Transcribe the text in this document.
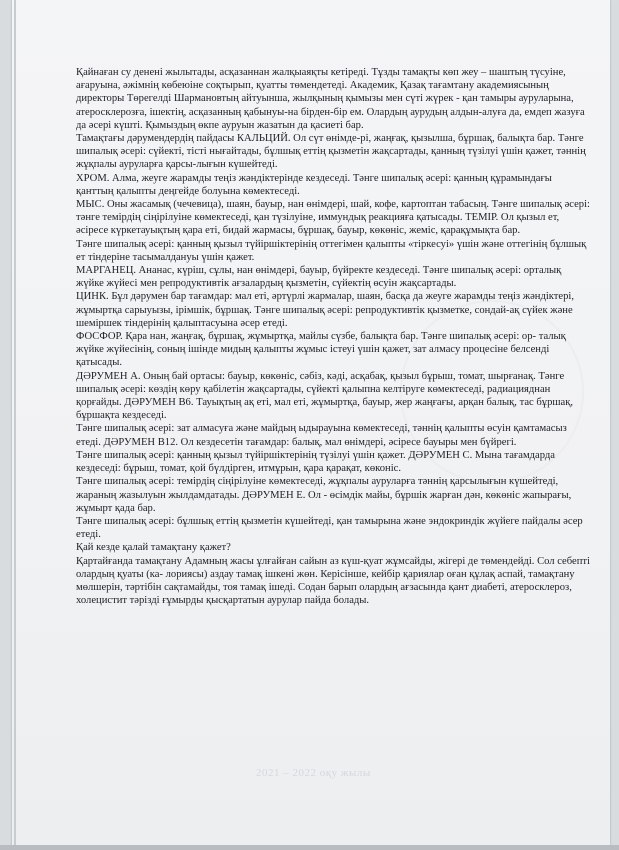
Қайнаған су денені жылытады, асқазаннан жалқыаяқты кетіреді. Тұзды тамақты көп жеу – шаштың түсуіне, ағаруына, әжімнің көбеюіне соқтырып, қуатты төмендетеді. Академик, Қазақ тағамтану академиясының директоры Төрегелді Шармановтың айтуынша, жылқының қымызы мен сүті жүрек - қан тамыры ауруларына, атеросклерозға, ішектің, асқазанның қабынуы-на бірден-бір ем. Олардың аурудың алдын-алуға да, емдеп жазуға да әсері күшті. Қымыздың өкпе ауруын жазатын да қасиеті бар.

Тамақтағы дәрумендердің пайдасы КАЛЬЦИЙ. Ол сүт өнімде-рі, жаңғақ, қызылша, бұршақ, балықта бар. Тәнге шипалық әсері: сүйекті, тісті нығайтады, бұлшық еттің қызметін жақсартады, қанның түзілуі үшін қажет, тәннің жұқпалы ауруларға қарсы-лығын күшейтеді.

ХРОМ. Алма, жеуге жарамды теңіз жәндіктерінде кездеседі. Тәнге шипалық әсері: қанның құрамындағы қанттың қалыпты деңгейде болуына көмектеседі.

МЫС. Оны жасамық (чечевица), шаян, бауыр, нан өнімдері, шай, кофе, картоптан табасың. Тәнге шипалық әсері: тәнге темірдің сіңірілуіне көмектеседі, қан түзілуіне, иммундық реакцияға қатысады. ТЕМІР. Ол қызыл ет, әсіресе күркетауықтың қара еті, бидай жармасы, бұршақ, бауыр, көкөніс, жеміс, қарақұмықта бар.

Тәнге шипалық әсері: қанның қызыл түйіршіктерінің оттегімен қалыпты «тіркесуі» үшін және оттегінің бұлшық ет тіндеріне тасымалдануы үшін қажет.

МАРГАНЕЦ. Ананас, күріш, сұлы, нан өнімдері, бауыр, бүйректе кездеседі. Тәнге шипалық әсері: орталық жүйке жүйесі мен репродуктивтік ағзалардың қызметін, сүйектің өсуін жақсартады.

ЦИНК. Бұл дәрумен бар тағамдар: мал еті, әртүрлі жармалар, шаян, басқа да жеуге жарамды теңіз жәндіктері, жұмыртқа сарыуызы, ірімшік, бұршақ. Тәнге шипалық әсері: репродуктивтік қызметке, сондай-ақ сүйек және шеміршек тіндерінің қалыптасуына әсер етеді.

ФОСФОР. Қара нан, жаңғақ, бұршақ, жұмыртқа, майлы сүзбе, балықта бар. Тәнге шипалық әсері: ор- талық жүйке жүйесінің, соның ішінде мидың қалыпты жұмыс істеуі үшін қажет, зат алмасу процесіне белсенді қатысады.

ДӘРУМЕН А. Оның бай ортасы: бауыр, көкөніс, сәбіз, кәді, асқабақ, қызыл бұрыш, томат, шырғанақ. Тәнге шипалық әсері: көздің көру қабілетін жақсартады, сүйекті қалыпна келтіруге көмектеседі, радиацияднан қорғайды. ДӘРУМЕН В6. Тауықтың ақ еті, мал еті, жұмыртқа, бауыр, жер жаңғағы, арқан балық, тас бұршақ, бұршақта кездеседі.

Тәнге шипалық әсері: зат алмасуға және майдың ыдырауына көмектеседі, тәннің қалыпты өсуін қамтамасыз етеді. ДӘРУМЕН В12. Ол кездесетін тағамдар: балық, мал өнімдері, әсіресе бауыры мен бүйрегі.

Тәнге шипалық әсері: қанның қызыл түйіршіктерінің түзілуі үшін қажет. ДӘРУМЕН С. Мына тағамдарда кездеседі: бұрыш, томат, қой бүлдірген, итмұрын, қара қарақат, көконіс.

Тәнге шипалық әсері: темірдің сіңірілуіне көмектеседі, жұқпалы ауруларға тәннің қарсылығын күшейтеді, жараның жазылуын жылдамдатады. ДӘРУМЕН Е. Ол - өсімдік майы, бұршік жарған дән, көкөніс жапырағы, жұмырт қада бар.

Тәнге шипалық әсері: бұлшық еттің қызметін күшейтеді, қан тамырына және эндокриндік жүйеге пайдалы әсер етеді.

Қай кезде қалай тамақтану қажет?

Қартайғанда тамақтану Адамның жасы ұлғайған сайын аз күш-қуат жұмсайды, жігері де төмендейді. Сол себепті олардың қуаты (ка- лориясы) аздау тамақ ішкені жөн. Керісінше, кейбір қариялар оған құлақ аспай, тамақтану мөлшерін, тәртібін сақтамайды, тоя тамақ ішеді. Содан барып олардың ағзасында қант диабеті, атеросклероз, холецистит тәрізді ғұмырды қысқартатын аурулар пайда болады.

2021 – 2022 оқу жылы
